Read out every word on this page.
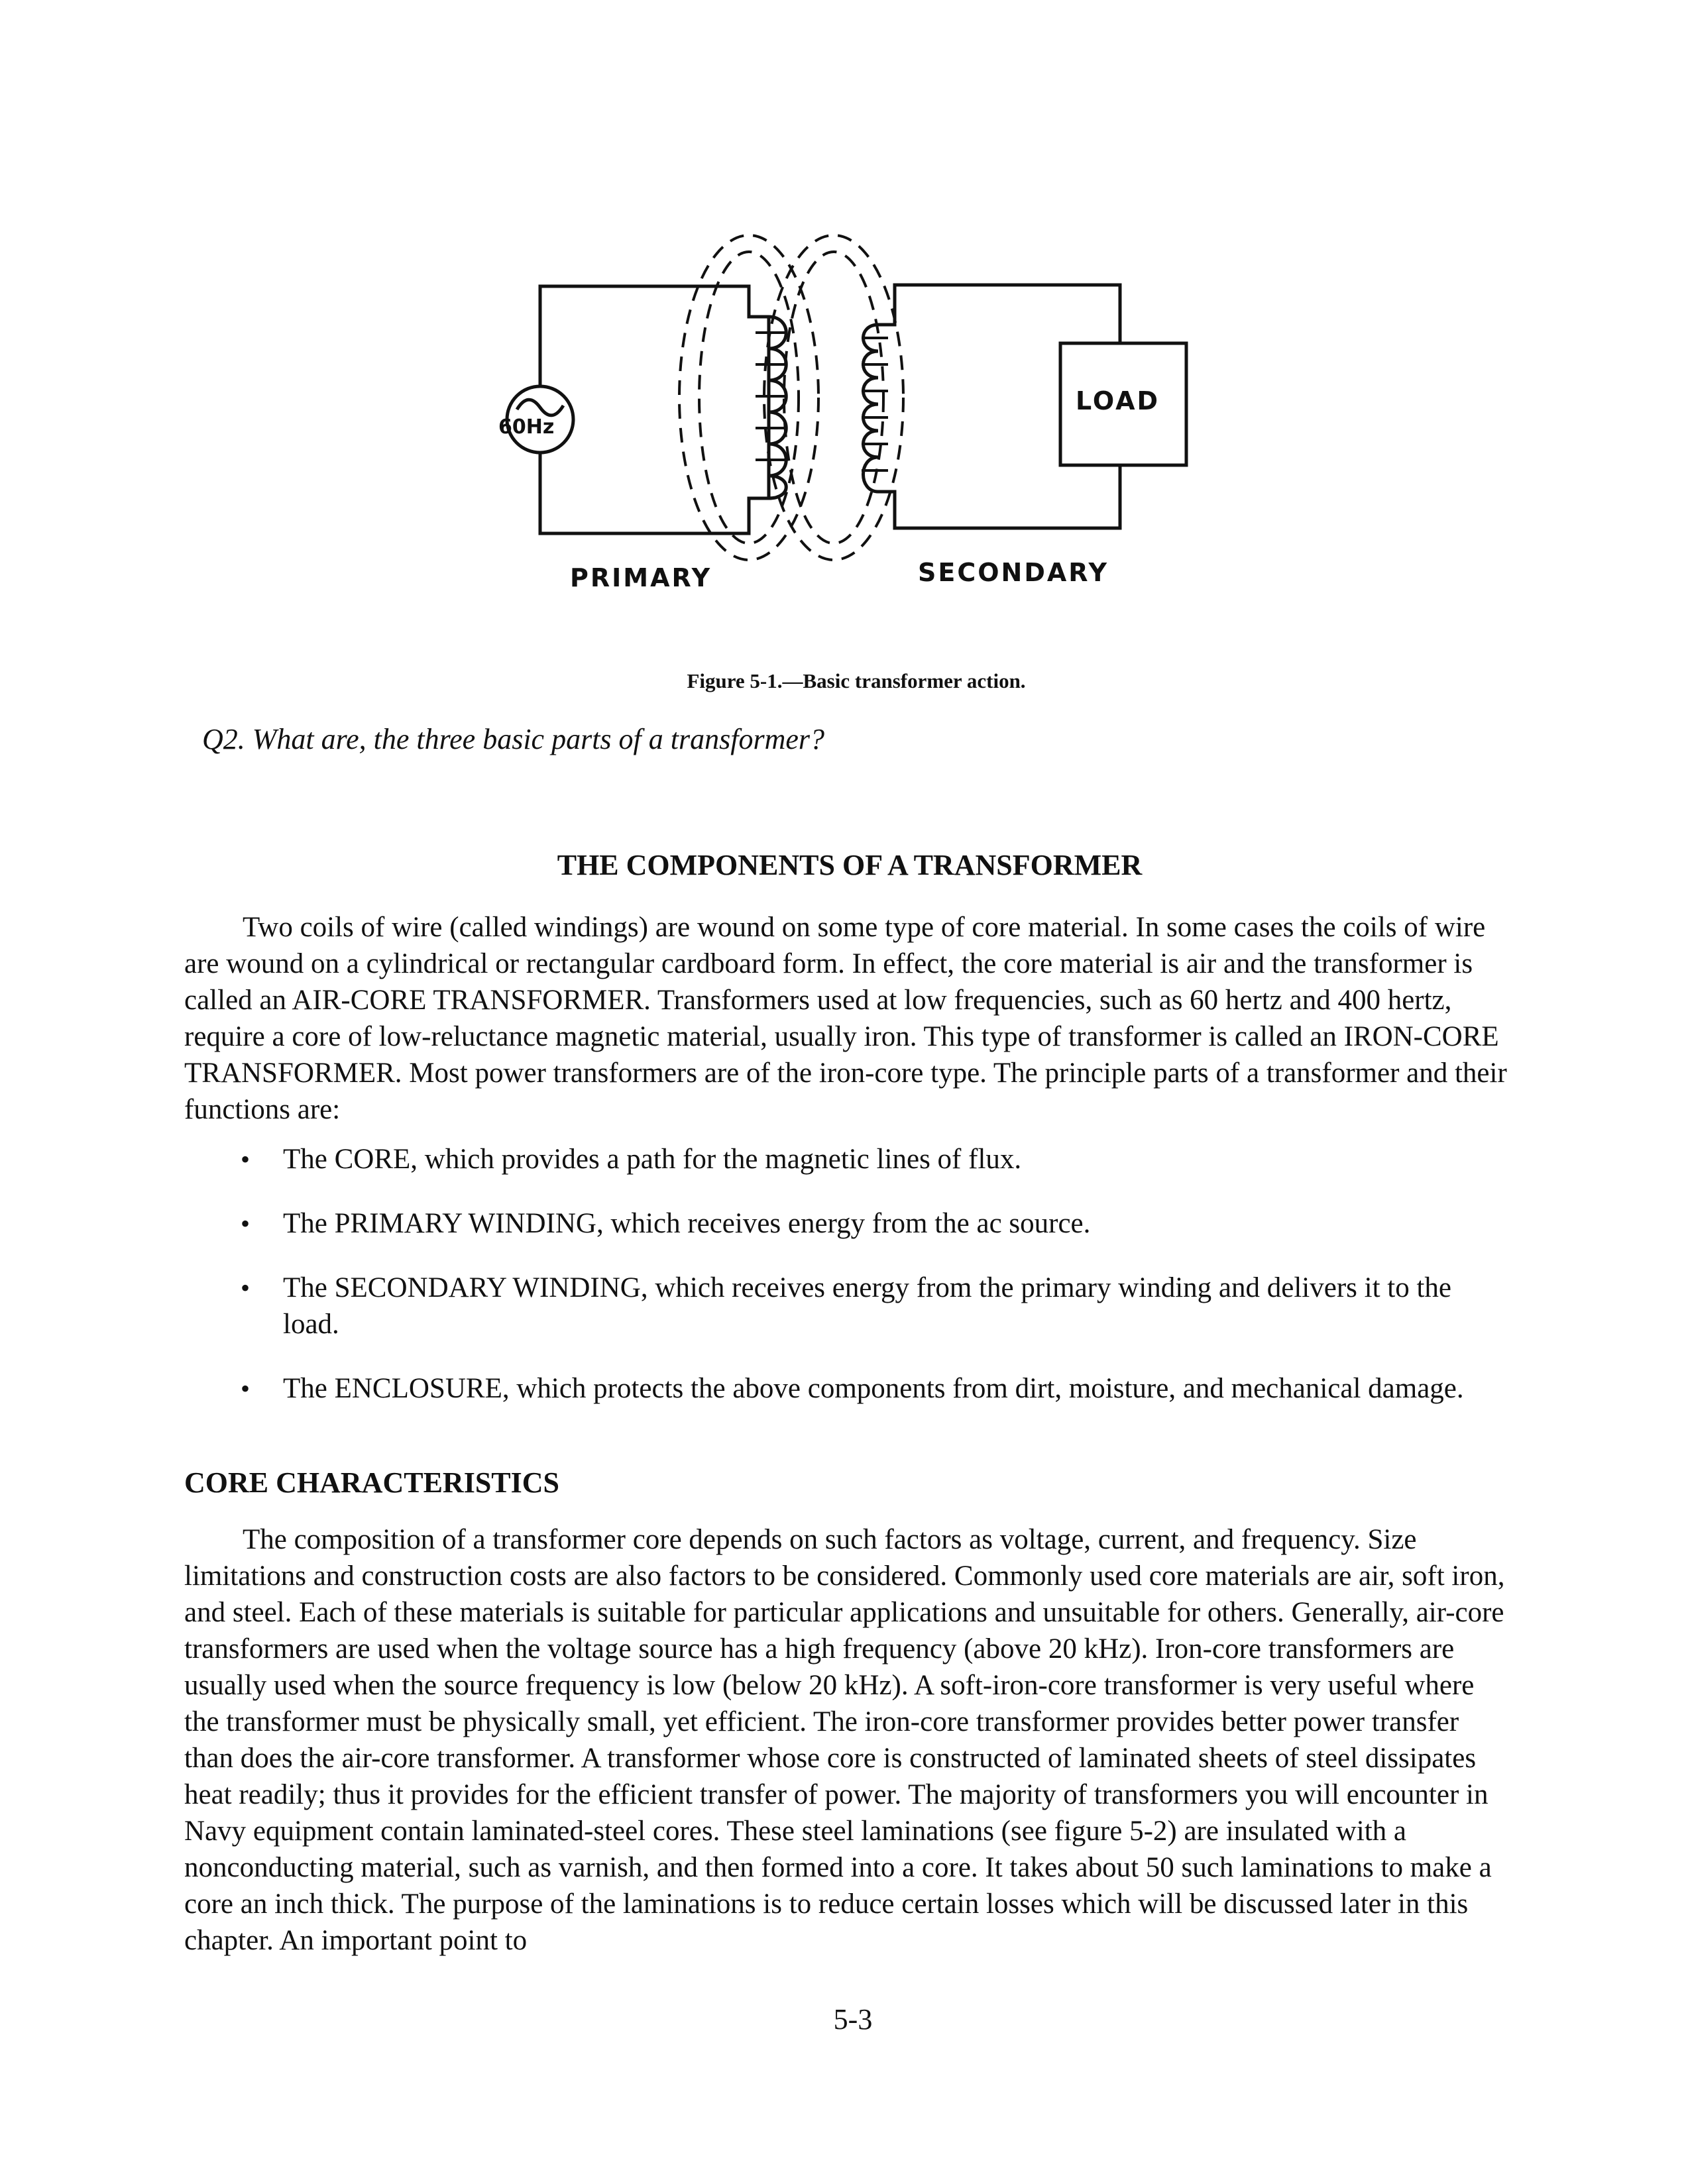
60Hz
LOAD
PRIMARY	SECONDARY
Figure 5-1.—Basic transformer action.
Q2. What are, the three basic parts of a transformer?
THE COMPONENTS OF A TRANSFORMER

Two coils of wire (called windings) are wound on some type of core material. In some cases the coils of wire are wound on a cylindrical or rectangular cardboard form. In effect, the core material is air and the transformer is called an AIR-CORE TRANSFORMER. Transformers used at low frequencies, such as 60 hertz and 400 hertz, require a core of low-reluctance magnetic material, usually iron. This type of transformer is called an IRON-CORE TRANSFORMER. Most power transformers are of the iron-core type. The principle parts of a transformer and their functions are:

• The CORE, which provides a path for the magnetic lines of flux.
• The PRIMARY WINDING, which receives energy from the ac source.
• The SECONDARY WINDING, which receives energy from the primary winding and delivers it to the load.
• The ENCLOSURE, which protects the above components from dirt, moisture, and mechanical damage.
CORE CHARACTERISTICS

The composition of a transformer core depends on such factors as voltage, current, and frequency. Size limitations and construction costs are also factors to be considered. Commonly used core materials are air, soft iron, and steel. Each of these materials is suitable for particular applications and unsuitable for others. Generally, air-core transformers are used when the voltage source has a high frequency (above 20 kHz). Iron-core transformers are usually used when the source frequency is low (below 20 kHz). A soft-iron-core transformer is very useful where the transformer must be physically small, yet efficient. The iron-core transformer provides better power transfer than does the air-core transformer. A transformer whose core is constructed of laminated sheets of steel dissipates heat readily; thus it provides for the efficient transfer of power. The majority of transformers you will encounter in Navy equipment contain laminated-steel cores. These steel laminations (see figure 5-2) are insulated with a nonconducting material, such as varnish, and then formed into a core. It takes about 50 such laminations to make a core an inch thick. The purpose of the laminations is to reduce certain losses which will be discussed later in this chapter. An important point to

5-3
